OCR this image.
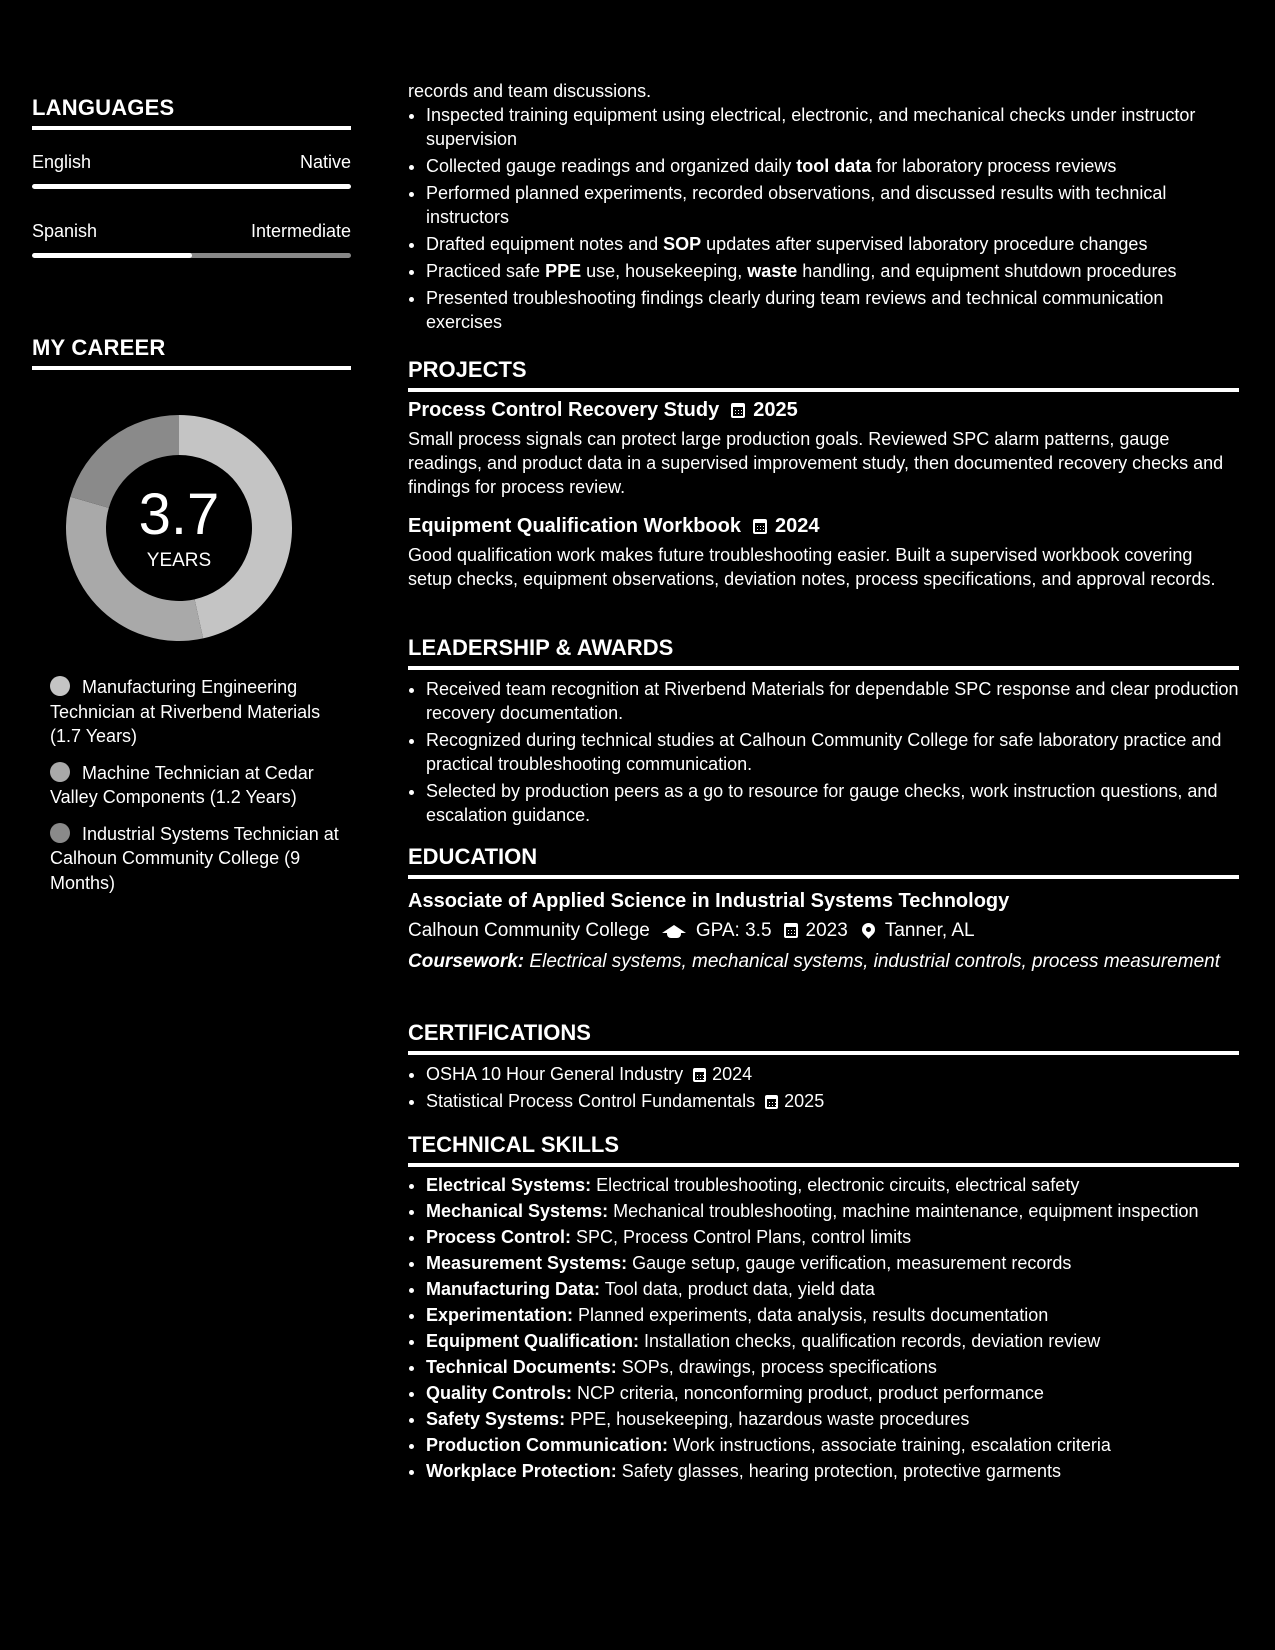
LANGUAGES
English	Native
Spanish	Intermediate
MY CAREER
3.7
YEARS
Manufacturing Engineering Technician at Riverbend Materials (1.7 Years)
Machine Technician at Cedar Valley Components (1.2 Years)
Industrial Systems Technician at Calhoun Community College (9 Months)

records and team discussions.

• Inspected training equipment using electrical, electronic, and mechanical checks under instructor supervision
• Collected gauge readings and organized daily tool data for laboratory process reviews
• Performed planned experiments, recorded observations, and discussed results with technical instructors
• Drafted equipment notes and SOP updates after supervised laboratory procedure changes
• Practiced safe PPE use, housekeeping, waste handling, and equipment shutdown procedures
• Presented troubleshooting findings clearly during team reviews and technical communication exercises
PROJECTS
Process Control Recovery Study 2025

Small process signals can protect large production goals. Reviewed SPC alarm patterns, gauge readings, and product data in a supervised improvement study, then documented recovery checks and findings for process review.

Equipment Qualification Workbook 2024

Good qualification work makes future troubleshooting easier. Built a supervised workbook covering setup checks, equipment observations, deviation notes, process specifications, and approval records.

LEADERSHIP & AWARDS
• Received team recognition at Riverbend Materials for dependable SPC response and clear production recovery documentation.
• Recognized during technical studies at Calhoun Community College for safe laboratory practice and practical troubleshooting communication.
• Selected by production peers as a go to resource for gauge checks, work instruction questions, and escalation guidance.
EDUCATION
Associate of Applied Science in Industrial Systems Technology
Calhoun Community College GPA: 3.5 2023 Tanner, AL
Coursework: Electrical systems, mechanical systems, industrial controls, process measurement
CERTIFICATIONS
• OSHA 10 Hour General Industry 2024
• Statistical Process Control Fundamentals 2025
TECHNICAL SKILLS
• Electrical Systems: Electrical troubleshooting, electronic circuits, electrical safety
• Mechanical Systems: Mechanical troubleshooting, machine maintenance, equipment inspection
• Process Control: SPC, Process Control Plans, control limits
• Measurement Systems: Gauge setup, gauge verification, measurement records
• Manufacturing Data: Tool data, product data, yield data
• Experimentation: Planned experiments, data analysis, results documentation
• Equipment Qualification: Installation checks, qualification records, deviation review
• Technical Documents: SOPs, drawings, process specifications
• Quality Controls: NCP criteria, nonconforming product, product performance
• Safety Systems: PPE, housekeeping, hazardous waste procedures
• Production Communication: Work instructions, associate training, escalation criteria
• Workplace Protection: Safety glasses, hearing protection, protective garments
